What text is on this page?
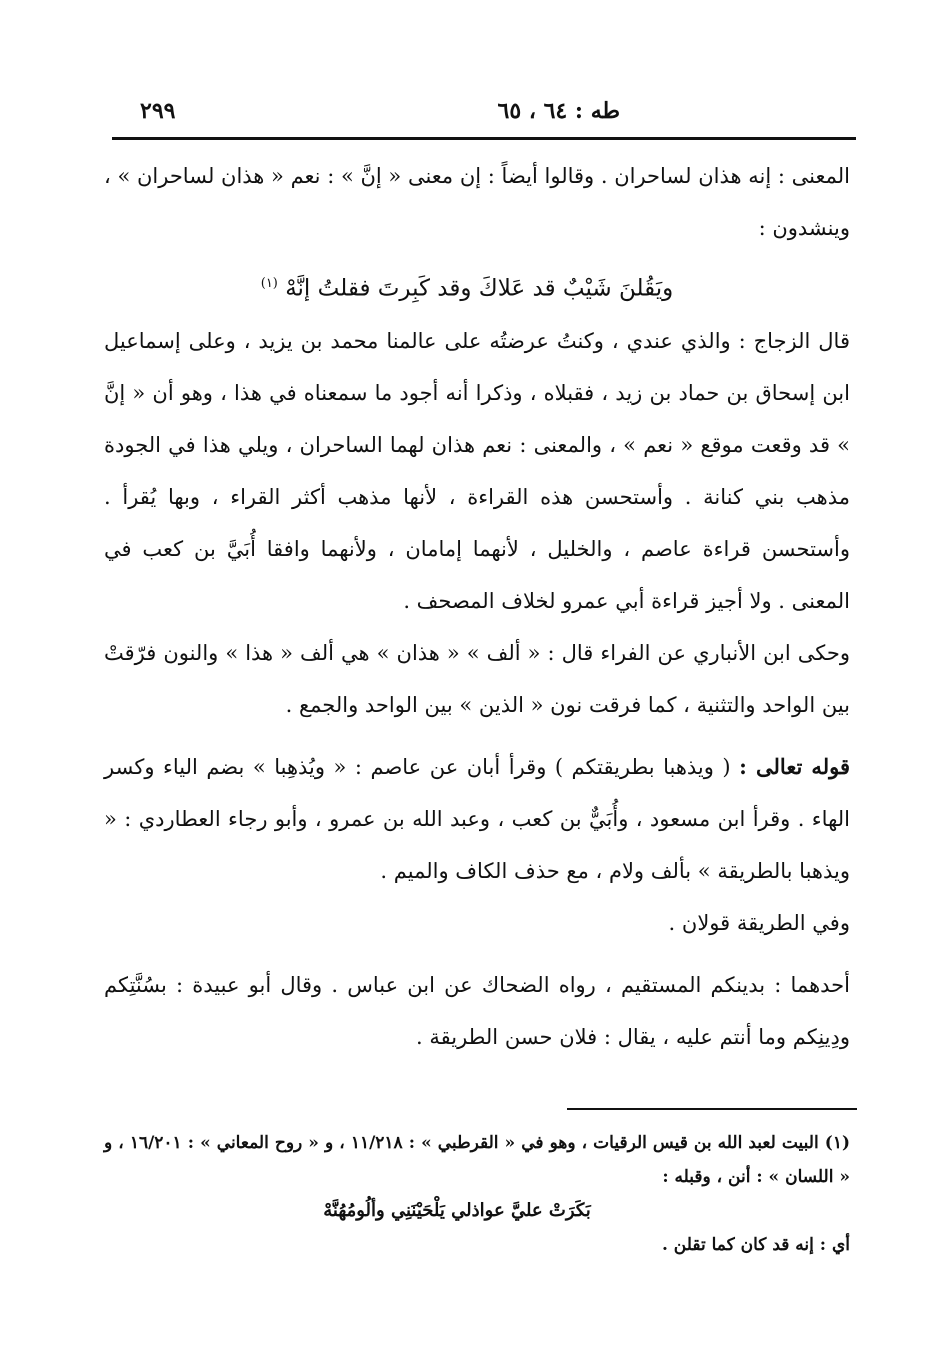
طه : ٦٤ ، ٦٥
٢٩٩

المعنى : إنه هذان لساحران . وقالوا أيضاً : إن معنى « إنَّ » : نعم « هذان لساحران » ، وينشدون :

ويَقُلنَ شَيْبٌ قد عَلاكَ وقد كَبِرتَ فقلتُ إنَّهْ $^{(١)}$

قال الزجاج : والذي عندي ، وكنتُ عرضتُه على عالمنا محمد بن يزيد ، وعلى إسماعيل ابن إسحاق بن حماد بن زيد ، فقبلاه ، وذكرا أنه أجود ما سمعناه في هذا ، وهو أن « إنَّ » قد وقعت موقع « نعم » ، والمعنى : نعم هذان لهما الساحران ، ويلي هذا في الجودة مذهب بني كنانة . وأستحسن هذه القراءة ، لأنها مذهب أكثر القراء ، وبها يُقرأ . وأستحسن قراءة عاصم ، والخليل ، لأنهما إمامان ، ولأنهما وافقا أُبَيَّ بن كعب في المعنى . ولا أجيز قراءة أبي عمرو لخلاف المصحف .

وحكى ابن الأنباري عن الفراء قال : « ألف » « هذان » هي ألف « هذا » والنون فرّقتْ بين الواحد والتثنية ، كما فرقت نون « الذين » بين الواحد والجمع .

قوله تعالى : ( ويذهبا بطريقتكم ) وقرأ أبان عن عاصم : « ويُذهِبا » بضم الياء وكسر الهاء . وقرأ ابن مسعود ، وأُبَيٌّ بن كعب ، وعبد الله بن عمرو ، وأبو رجاء العطاردي : « ويذهبا بالطريقة » بألف ولام ، مع حذف الكاف والميم .

وفي الطريقة قولان .

أحدهما : بدينكم المستقيم ، رواه الضحاك عن ابن عباس . وقال أبو عبيدة : بسُنَّتِكم ودِينِكم وما أنتم عليه ، يقال : فلان حسن الطريقة .

(١) البيت لعبد الله بن قيس الرقيات ، وهو في « القرطبي » : ١١/٢١٨ ، و « روح المعاني » : ١٦/٢٠١ ، و « اللسان » : أنن ، وقبله :

بَكَرَتْ عليَّ عواذلي يَلْحَيْنَنِي وألُومُهُنَّهْ

أي : إنه قد كان كما تقلن .
